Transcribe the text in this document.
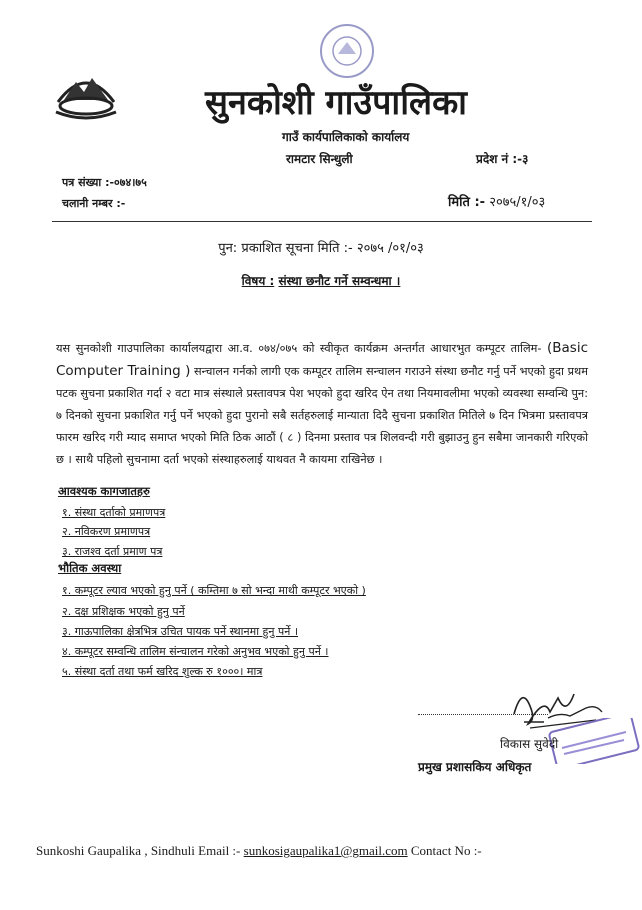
सुनकोशी गाउँपालिका
गाउँ कार्यपालिकाको कार्यालय
रामटार सिन्धुली	प्रदेश नं :-३
पत्र संख्या :-०७४।७५
चलानी नम्बर :-	मिति :- २०७५/१/०३
पुन: प्रकाशित सूचना मिति :- २०७५ /०१/०३
विषय : संस्था छनौट गर्ने सम्वन्धमा ।
यस सुनकोशी गाउपालिका कार्यालयद्वारा आ.व. ०७४/०७५ को स्वीकृत कार्यक्रम अन्तर्गत आधारभुत कम्पूटर तालिम- (Basic Computer Training ) सन्चालन गर्नको लागी एक कम्पूटर तालिम सन्चालन गराउने संस्था छनौट गर्नु पर्ने भएको हुदा प्रथम पटक सुचना प्रकाशित गर्दा २ वटा मात्र संस्थाले प्रस्तावपत्र पेश भएको हुदा खरिद ऐन तथा नियमावलीमा भएको व्यवस्था सम्वन्धि पुन: ७ दिनको सुचना प्रकाशित गर्नु पर्ने भएको हुदा पुरानो सबै सर्तहरुलाई मान्याता दिदै सुचना प्रकाशित मितिले ७ दिन भित्रमा प्रस्तावपत्र फारम खरिद गरी म्याद समाप्त भएको मिति ठिक आठौं ( ८ ) दिनमा प्रस्ताव पत्र शिलवन्दी गरी बुझाउनु हुन सबैमा जानकारी गरिएको छ । साथै पहिलो सुचनामा दर्ता भएको संस्थाहरुलाई याथवत नै कायमा राखिनेछ ।
आवश्यक कागजातहरु
१. संस्था दर्ताको प्रमाणपत्र
२. नविकरण प्रमाणपत्र
३. राजश्व दर्ता प्रमाण पत्र
भौतिक अवस्था
१. कम्पूटर ल्याव भएको हुनु पर्ने ( कम्तिमा ७ सो भन्दा माथी कम्पूटर भएको )
२. दक्ष प्रशिक्षक भएको हुनु पर्ने
३. गाऊपालिका क्षेत्रभित्र उचित पायक पर्ने स्थानमा हुनु पर्ने ।
४. कम्पूटर सम्वन्धि तालिम संन्चालन गरेको अनुभव भएको हुनु पर्ने ।
५. संस्था दर्ता तथा फर्म खरिद शुल्क रु १०००। मात्र
विकास सुवेदी
प्रमुख प्रशासकिय अधिकृत
Sunkoshi Gaupalika , Sindhuli Email :- sunkosigaupalika1@gmail.com Contact No :-
